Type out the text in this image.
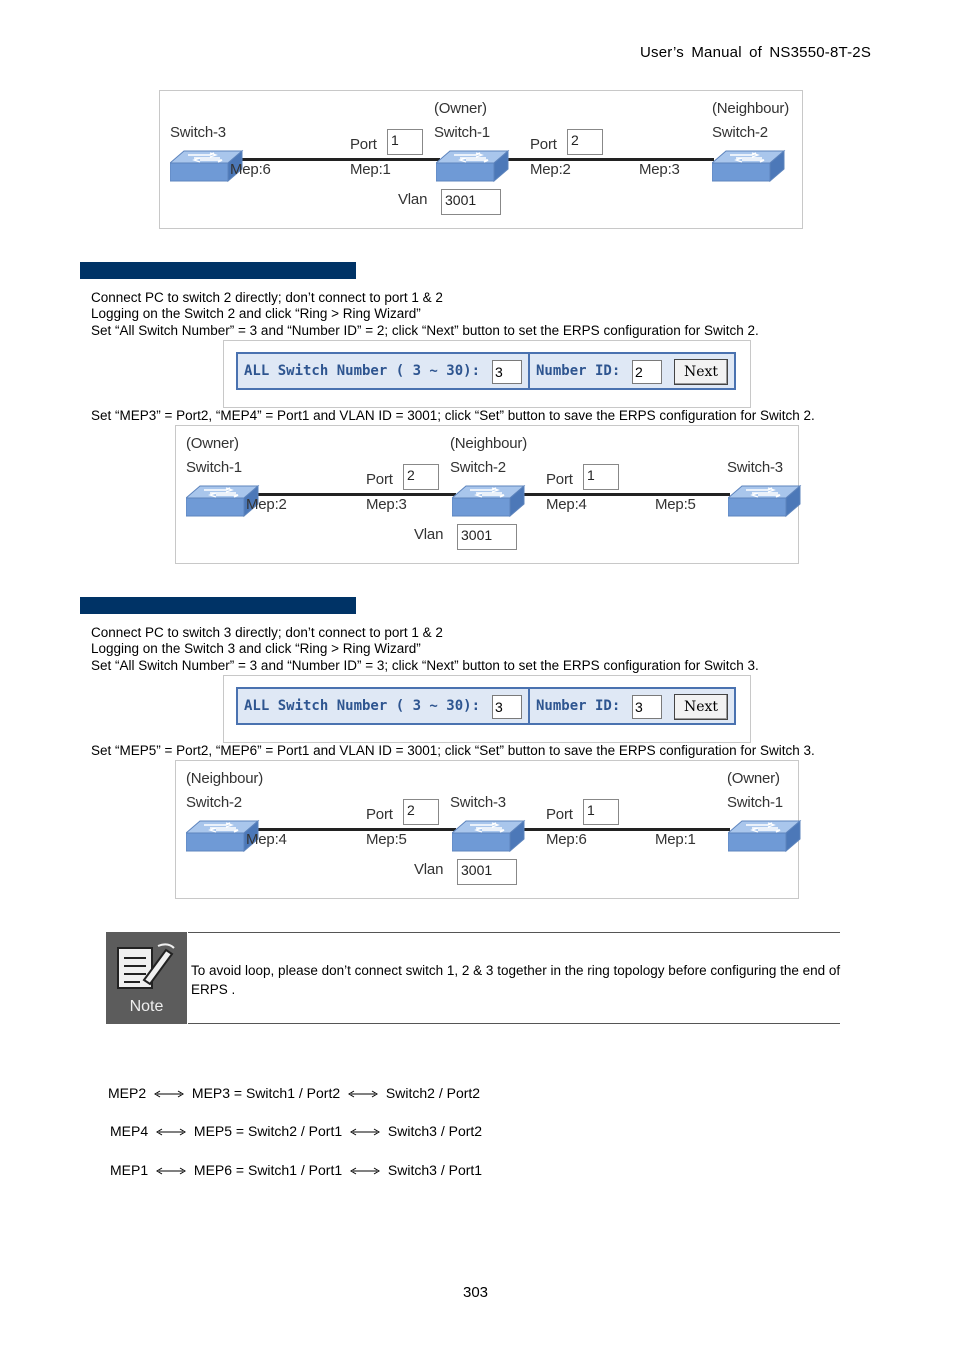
User’s Manual of NS3550-8T-2S
Switch-3
(Owner)
Switch-1
(Neighbour)
Switch-2
Port 1	Port 2
Mep:6	Mep:1	Mep:2	Mep:3
Vlan 3001
Connect PC to switch 2 directly; don’t connect to port 1 & 2
Logging on the Switch 2 and click “Ring > Ring Wizard”
Set “All Switch Number” = 3 and “Number ID” = 2; click “Next” button to set the ERPS configuration for Switch 2.
ALL Switch Number ( 3 ~ 30): 3	Number ID: 2	Next
Set “MEP3” = Port2, “MEP4” = Port1 and VLAN ID = 3001; click “Set” button to save the ERPS configuration for Switch 2.
(Owner)
Switch-1
(Neighbour)
Switch-2	Switch-3
Port 2	Port 1
Mep:2	Mep:3	Mep:4	Mep:5
Vlan 3001
Connect PC to switch 3 directly; don’t connect to port 1 & 2
Logging on the Switch 3 and click “Ring > Ring Wizard”
Set “All Switch Number” = 3 and “Number ID” = 3; click “Next” button to set the ERPS configuration for Switch 3.
ALL Switch Number ( 3 ~ 30): 3	Number ID: 3	Next
Set “MEP5” = Port2, “MEP6” = Port1 and VLAN ID = 3001; click “Set” button to save the ERPS configuration for Switch 3.
(Neighbour)
Switch-2	Switch-3
(Owner)
Switch-1
Port 2	Port 1
Mep:4	Mep:5	Mep:6	Mep:1
Vlan 3001
Note
To avoid loop, please don’t connect switch 1, 2 & 3 together in the ring topology before configuring the end of ERPS .
MEP2	MEP3 = Switch1 / Port2	Switch2 / Port2
MEP4	MEP5 = Switch2 / Port1	Switch3 / Port2
MEP1	MEP6 = Switch1 / Port1	Switch3 / Port1
303
